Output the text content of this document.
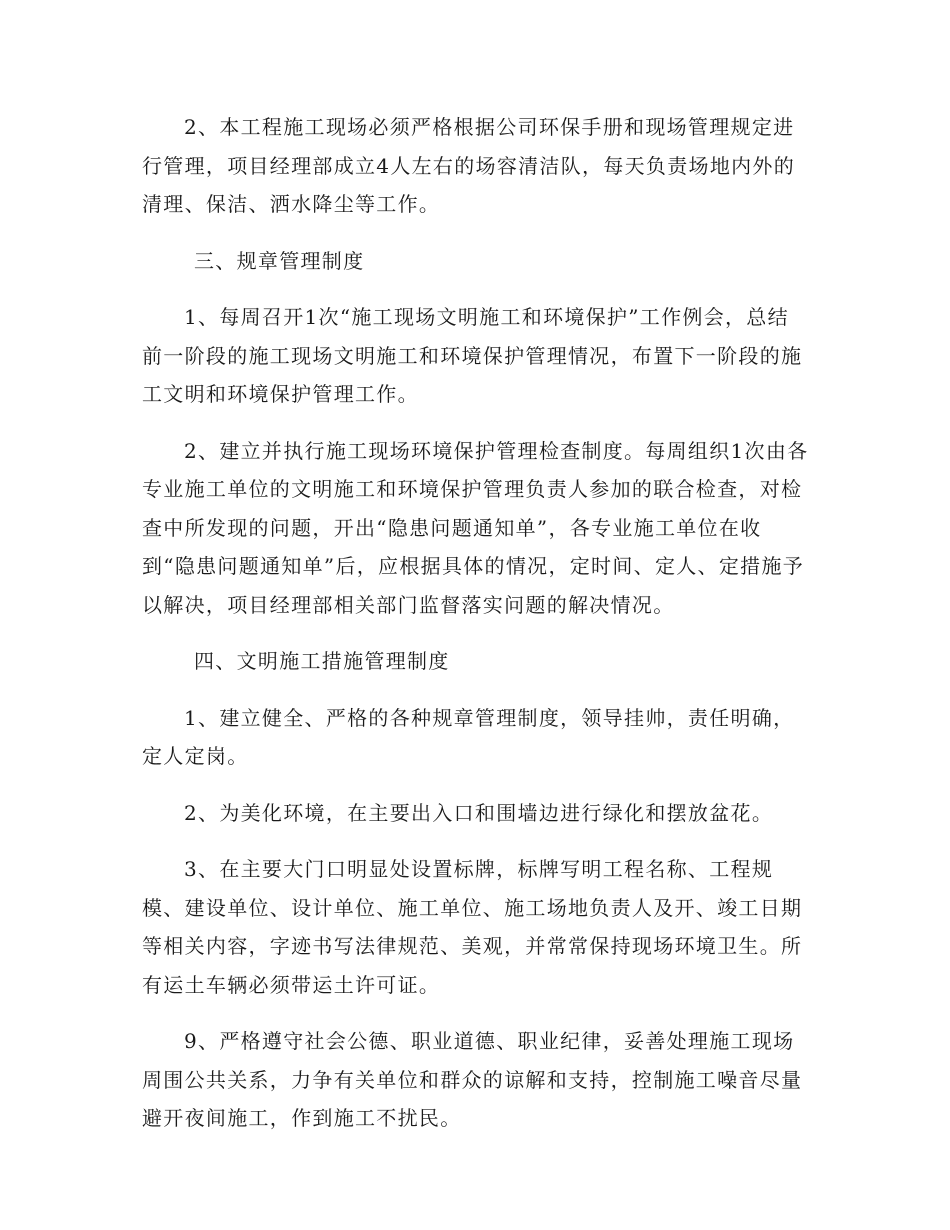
2、本工程施工现场必须严格根据公司环保手册和现场管理规定进行管理，项目经理部成立4人左右的场容清洁队，每天负责场地内外的清理、保洁、洒水降尘等工作。

三、规章管理制度

1、每周召开1次“施工现场文明施工和环境保护”工作例会，总结前一阶段的施工现场文明施工和环境保护管理情况，布置下一阶段的施工文明和环境保护管理工作。

2、建立并执行施工现场环境保护管理检查制度。每周组织1次由各专业施工单位的文明施工和环境保护管理负责人参加的联合检查，对检查中所发现的问题，开出“隐患问题通知单”，各专业施工单位在收到“隐患问题通知单”后，应根据具体的情况，定时间、定人、定措施予以解决，项目经理部相关部门监督落实问题的解决情况。

四、文明施工措施管理制度

1、建立健全、严格的各种规章管理制度，领导挂帅，责任明确，定人定岗。

2、为美化环境，在主要出入口和围墙边进行绿化和摆放盆花。

3、在主要大门口明显处设置标牌，标牌写明工程名称、工程规模、建设单位、设计单位、施工单位、施工场地负责人及开、竣工日期等相关内容，字迹书写法律规范、美观，并常常保持现场环境卫生。所有运土车辆必须带运土许可证。

9、严格遵守社会公德、职业道德、职业纪律，妥善处理施工现场周围公共关系，力争有关单位和群众的谅解和支持，控制施工噪音尽量避开夜间施工，作到施工不扰民。
